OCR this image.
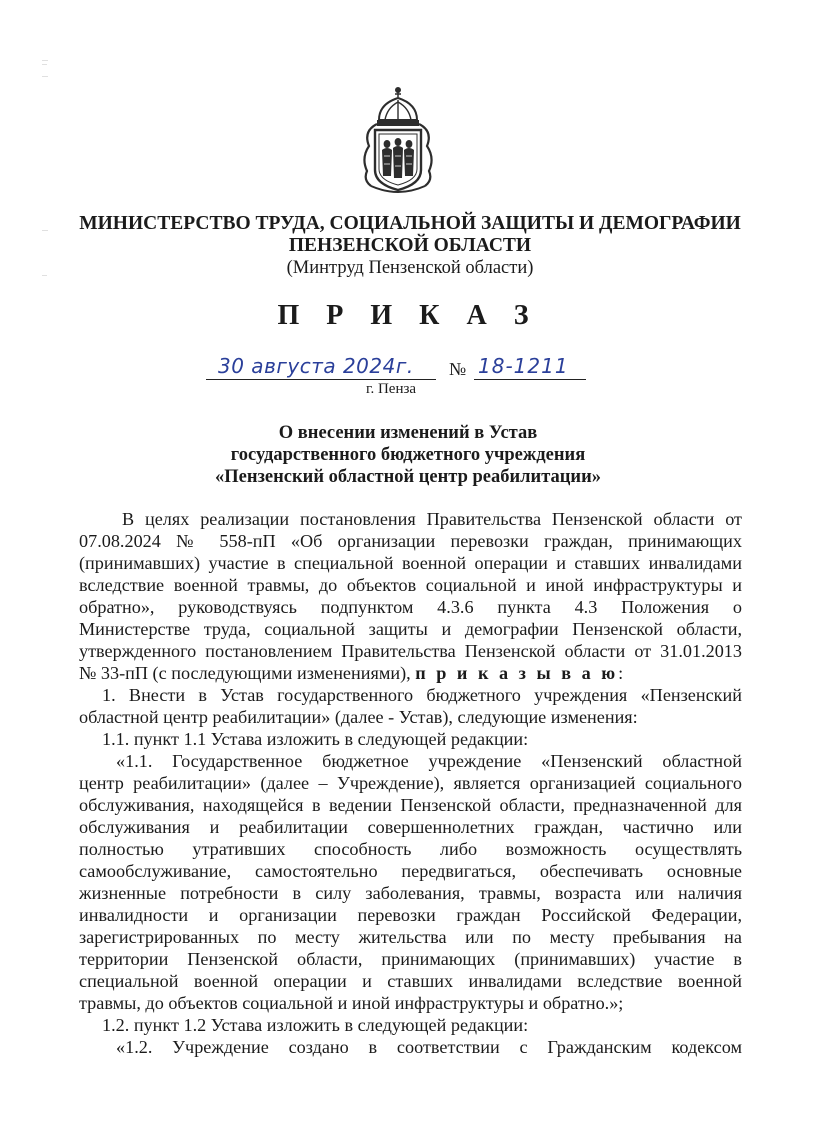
МИНИСТЕРСТВО ТРУДА, СОЦИАЛЬНОЙ ЗАЩИТЫ И ДЕМОГРАФИИ
ПЕНЗЕНСКОЙ ОБЛАСТИ
(Минтруд Пензенской области)
П Р И К А З
30 августа 2024г. № 18-1211
г. Пенза
О внесении изменений в Устав
государственного бюджетного учреждения
«Пензенский областной центр реабилитации»
В целях реализации постановления Правительства Пензенской области от
07.08.2024 № 558-пП «Об организации перевозки граждан, принимающих
(принимавших) участие в специальной военной операции и ставших инвалидами
вследствие военной травмы, до объектов социальной и иной инфраструктуры и
обратно», руководствуясь подпунктом 4.3.6 пункта 4.3 Положения о
Министерстве труда, социальной защиты и демографии Пензенской области,
утвержденного постановлением Правительства Пензенской области от 31.01.2013
№ 33-пП (с последующими изменениями), п р и к а з ы в а ю:
1. Внести в Устав государственного бюджетного учреждения «Пензенский
областной центр реабилитации» (далее - Устав), следующие изменения:
1.1. пункт 1.1 Устава изложить в следующей редакции:
«1.1. Государственное бюджетное учреждение «Пензенский областной
центр реабилитации» (далее – Учреждение), является организацией социального
обслуживания, находящейся в ведении Пензенской области, предназначенной для
обслуживания и реабилитации совершеннолетних граждан, частично или
полностью утративших способность либо возможность осуществлять
самообслуживание, самостоятельно передвигаться, обеспечивать основные
жизненные потребности в силу заболевания, травмы, возраста или наличия
инвалидности и организации перевозки граждан Российской Федерации,
зарегистрированных по месту жительства или по месту пребывания на
территории Пензенской области, принимающих (принимавших) участие в
специальной военной операции и ставших инвалидами вследствие военной
травмы, до объектов социальной и иной инфраструктуры и обратно.»;
1.2. пункт 1.2 Устава изложить в следующей редакции:
«1.2. Учреждение создано в соответствии с Гражданским кодексом
